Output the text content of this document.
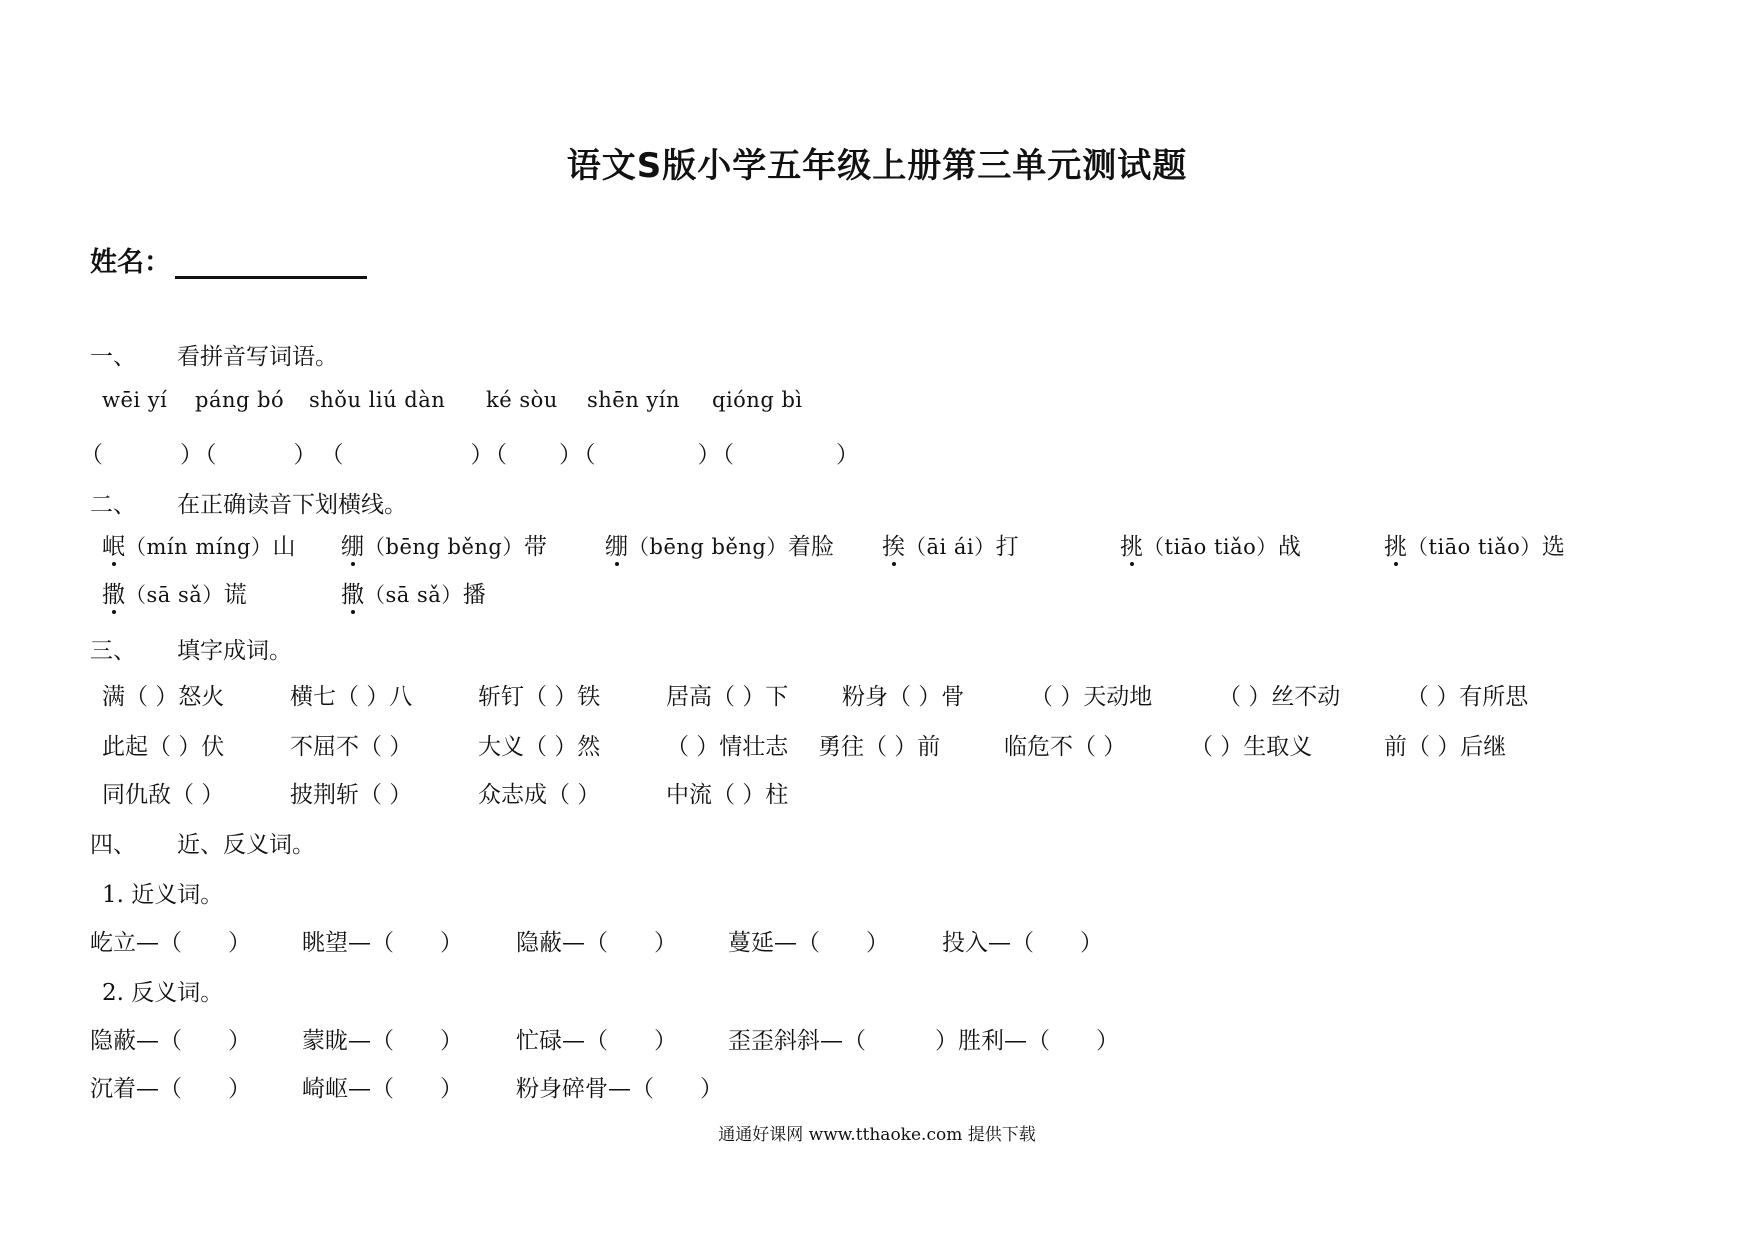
语文S版小学五年级上册第三单元测试题
姓名：
一、 看拼音写词语。
wēi yí páng bó shǒu liú dàn ké sòu shēn yín qióng bì
（　　　）（　　　）　（　　　　　）（　　）（　　　　）（　　　　）
二、 在正确读音下划横线。
岷（mín míng）山 绷（bēng běng）带	绷（bēng běng）着脸 挨（āi ái）打	挑（tiāo tiǎo）战	挑（tiāo tiǎo）选
撒（sā sǎ）谎	撒（sā sǎ）播
三、 填字成词。
满（ ）怒火	横七（ ）八	斩钉（ ）铁	居高（ ）下 粉身（ ）骨	（ ）天动地	（ ）丝不动	（ ）有所思
此起（ ）伏	不屈不（ ）	大义（ ）然	（ ）情壮志 勇往（ ）前	临危不（ ）	（ ）生取义	前（ ）后继
同仇敌（ ）	披荆斩（ ）	众志成（ ）	中流（ ）柱
四、 近、反义词。
1. 近义词。
屹立—（　　） 眺望—（　　） 隐蔽—（　　） 蔓延—（　　） 投入—（　　）
2. 反义词。
隐蔽—（　　） 蒙眬—（　　） 忙碌—（　　） 歪歪斜斜—（　　　）胜利—（　　）
沉着—（　　） 崎岖—（　　） 粉身碎骨—（　　）
通通好课网 www.tthaoke.com 提供下载
